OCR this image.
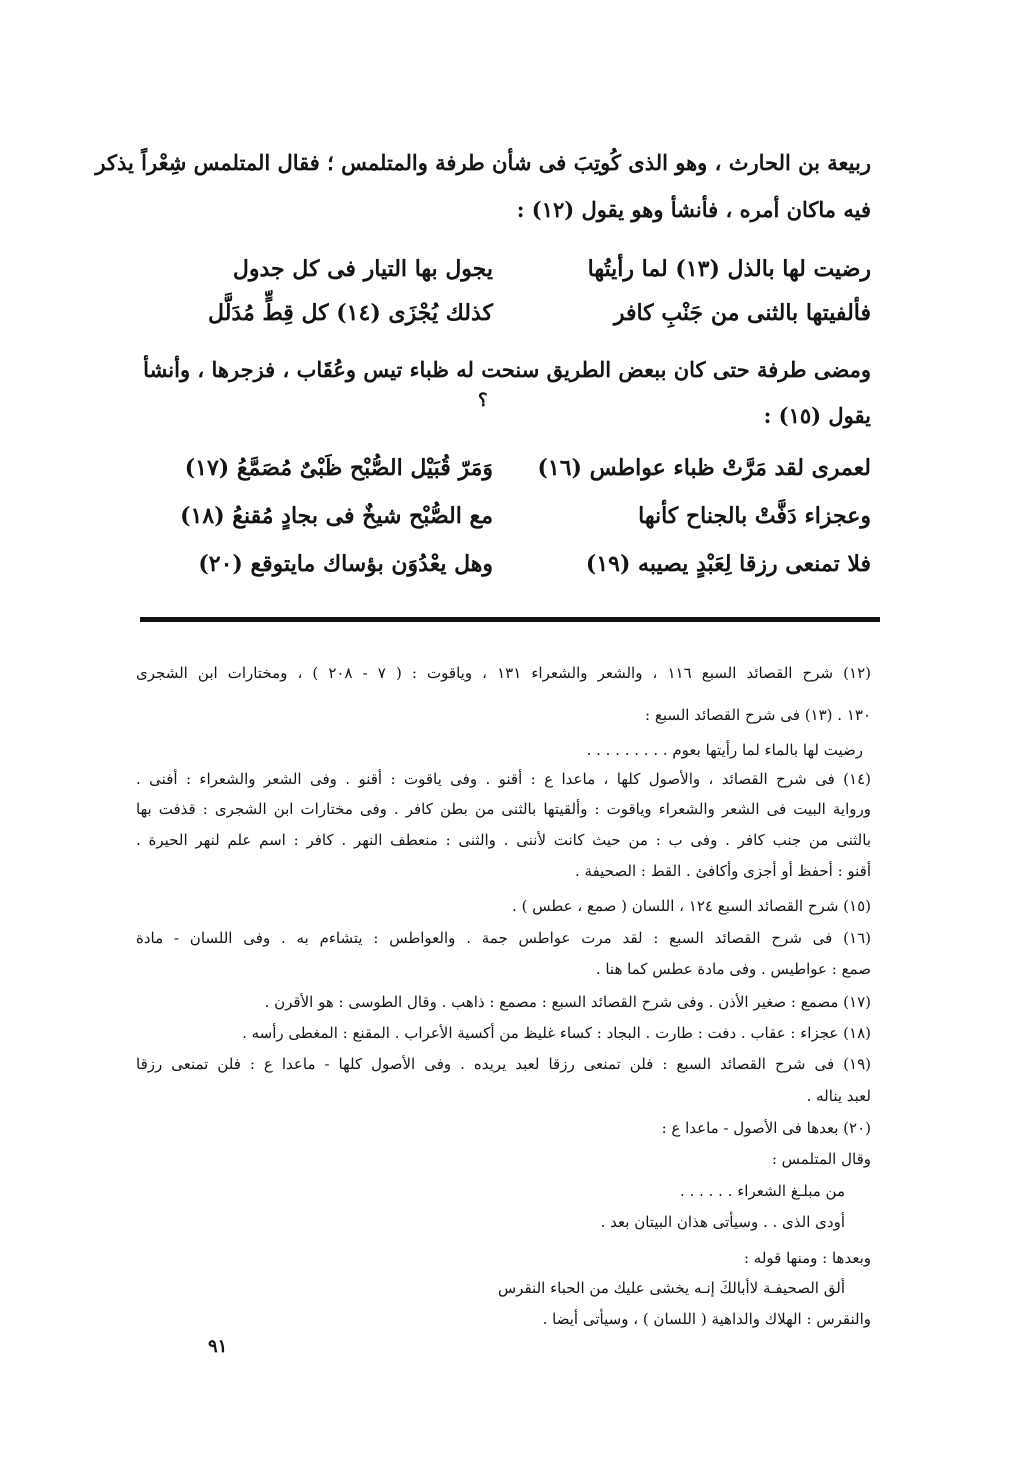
ربيعة بن الحارث ، وهو الذى كُوتِبَ فى شأن طرفة والمتلمس ؛ فقال المتلمس شِعْراً يذكر
فيه ماكان أمره ، فأنشأ وهو يقول (١٢) :
رضيت لها بالذل (١٣) لما رأيتُها
يجول بها التيار فى كل جدول
فألفيتها بالثنى من جَنْبِ كافر
كذلك يُجْزَى (١٤) كل قِطٍّ مُدَلَّل
ومضى طرفة حتى كان ببعض الطريق سنحت له ظباء تيس وعُقَاب ، فزجرها ، وأنشأ
؟
يقول (١٥) :
لعمرى لقد مَرَّتْ ظباء عواطس (١٦)
وَمَرّ قُبَيْل الصُّبْح ظَبْىٌ مُصَمَّعُ (١٧)
وعجزاء دَفَّتْ بالجناح كأنها
مع الصُّبْح شيخٌ فى بجادٍ مُقنعُ (١٨)
فلا تمنعى رزقا لِعَبْدٍ يصيبه (١٩)
وهل يعْدُوَن بؤساك مايتوقع (٢٠)
(١٢) شرح القصائد السبع ١١٦ ، والشعر والشعراء ١٣١ ، وياقوت : ( ٧ - ٢٠٨ ) ، ومختارات ابن الشجرى
١٣٠ . (١٣) فى شرح القصائد السبع :
رضيت لها بالماء لما رأيتها بعوم . . . . . . . . .
(١٤) فى شرح القصائد ، والأصول كلها ، ماعدا ع : أقنو . وفى ياقوت : أقنو . وفى الشعر والشعراء : أفنى .
ورواية البيت فى الشعر والشعراء وياقوت : وألقيتها بالثنى من بطن كافر . وفى مختارات ابن الشجرى : قذفت بها
بالثنى من جنب كافر . وفى ب : من حيث كانت لأننى . والثنى : منعطف النهر . كافر : اسم علم لنهر الحيرة .
أقنو : أحفظ أو أجزى وأكافئ . القط : الصحيفة .
(١٥) شرح القصائد السبع ١٢٤ ، اللسان ( صمع ، عطس ) .
(١٦) فى شرح القصائد السبع : لقد مرت عواطس جمة . والعواطس : يتشاءم به . وفى اللسان - مادة
صمع : عواطيس . وفى مادة عطس كما هنا .
(١٧) مصمع : صغير الأذن . وفى شرح القصائد السبع : مصمع : ذاهب . وقال الطوسى : هو الأقرن .
(١٨) عجزاء : عقاب . دفت : طارت . البجاد : كساء غليظ من أكسية الأعراب . المقنع : المغطى رأسه .
(١٩) فى شرح القصائد السبع : فلن تمنعى رزقا لعبد يريده . وفى الأصول كلها - ماعدا ع : فلن تمنعى رزقا
لعبد يناله .
(٢٠) بعدها فى الأصول - ماعدا ع :
وقال المتلمس :
من مبلـغ الشعراء . . . . . .
أودى الذى . . وسيأتى هذان البيتان بعد .
وبعدها : ومنها قوله :
ألق الصحيفـة لاأبالكَ إنـه يخشى عليك من الحباء النقرس
والنقرس : الهلاك والداهية ( اللسان ) ، وسيأتى أيضا .
٩١
